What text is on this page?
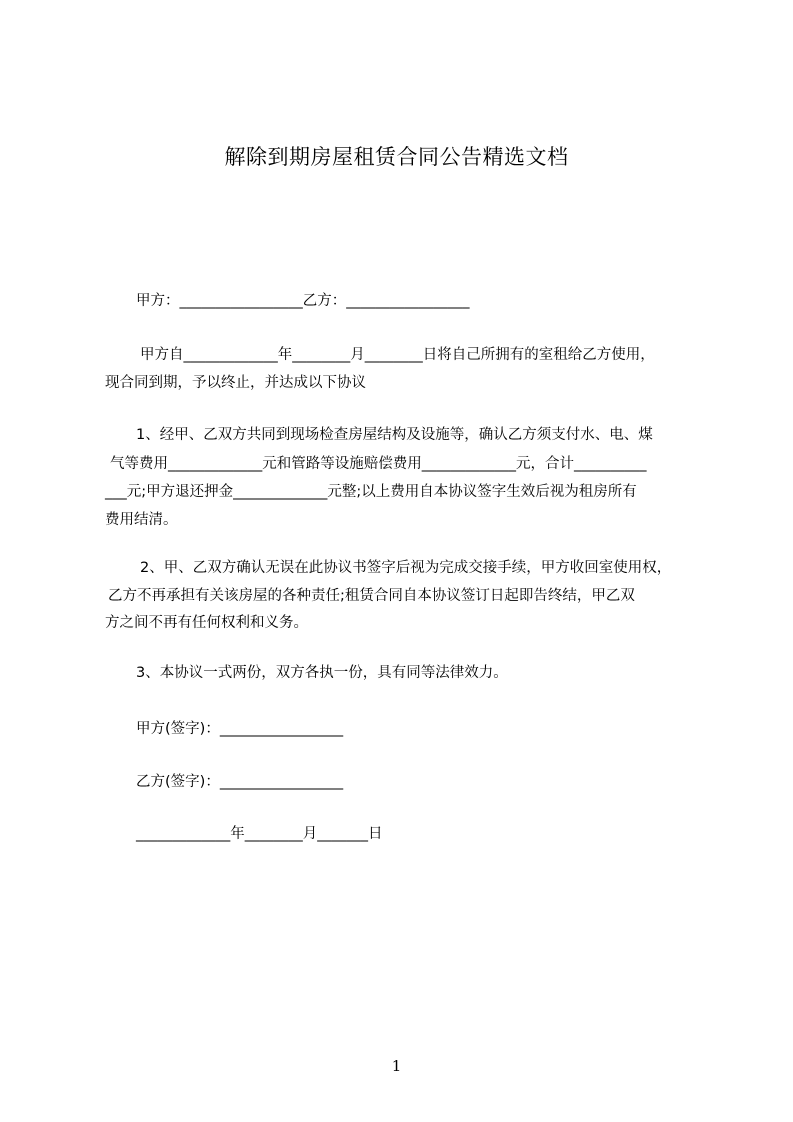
解除到期房屋租赁合同公告精选文档
甲方：_________________乙方：_________________
甲方自_____________年________月________日将自己所拥有的室租给乙方使用，
现合同到期，予以终止，并达成以下协议
1、经甲、乙双方共同到现场检查房屋结构及设施等，确认乙方须支付水、电、煤
气等费用_____________元和管路等设施赔偿费用_____________元，合计__________
___元;甲方退还押金_____________元整;以上费用自本协议签字生效后视为租房所有
费用结清。
2、甲、乙双方确认无误在此协议书签字后视为完成交接手续，甲方收回室使用权，
乙方不再承担有关该房屋的各种责任;租赁合同自本协议签订日起即告终结，甲乙双
方之间不再有任何权利和义务。
3、本协议一式两份，双方各执一份，具有同等法律效力。
甲方(签字)：_________________
乙方(签字)：_________________
_____________年________月_______日
1
